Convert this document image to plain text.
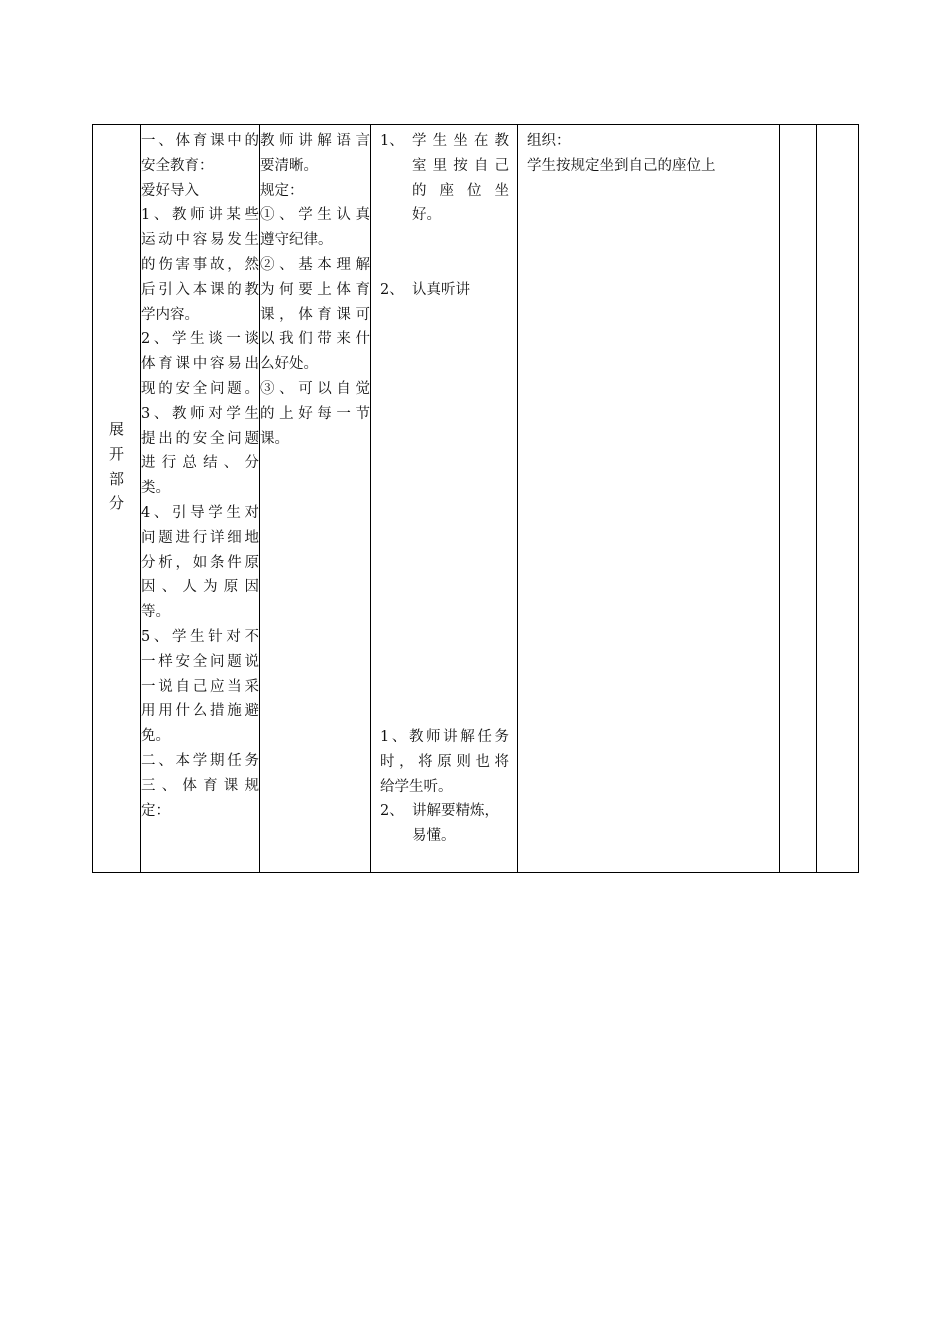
展
开
部
分
一、体育课中的
安全教育：
爱好导入
1、教师讲某些
运动中容易发生
的伤害事故，然
后引入本课的教
学内容。
2、学生谈一谈
体育课中容易出
现的安全问题。
3、教师对学生
提出的安全问题
进行总结、分
类。
4、引导学生对
问题进行详细地
分析，如条件原
因、人为原因
等。
5、学生针对不
一样安全问题说
一说自己应当采
用用什么措施避
免。
二、本学期任务
三、体育课规
定：
教师讲解语言
要清晰。
规定：
①、学生认真
遵守纪律。
②、基本理解
为何要上体育
课，体育课可
以我们带来什
么好处。
③、可以自觉
的上好每一节
课。
1、 学生坐在教
室里按自己
的座位坐
好。
2、 认真听讲
1、教师讲解任务
时，将原则也将
给学生听。
2、 讲解要精炼，
易懂。
组织：
学生按规定坐到自己的座位上
